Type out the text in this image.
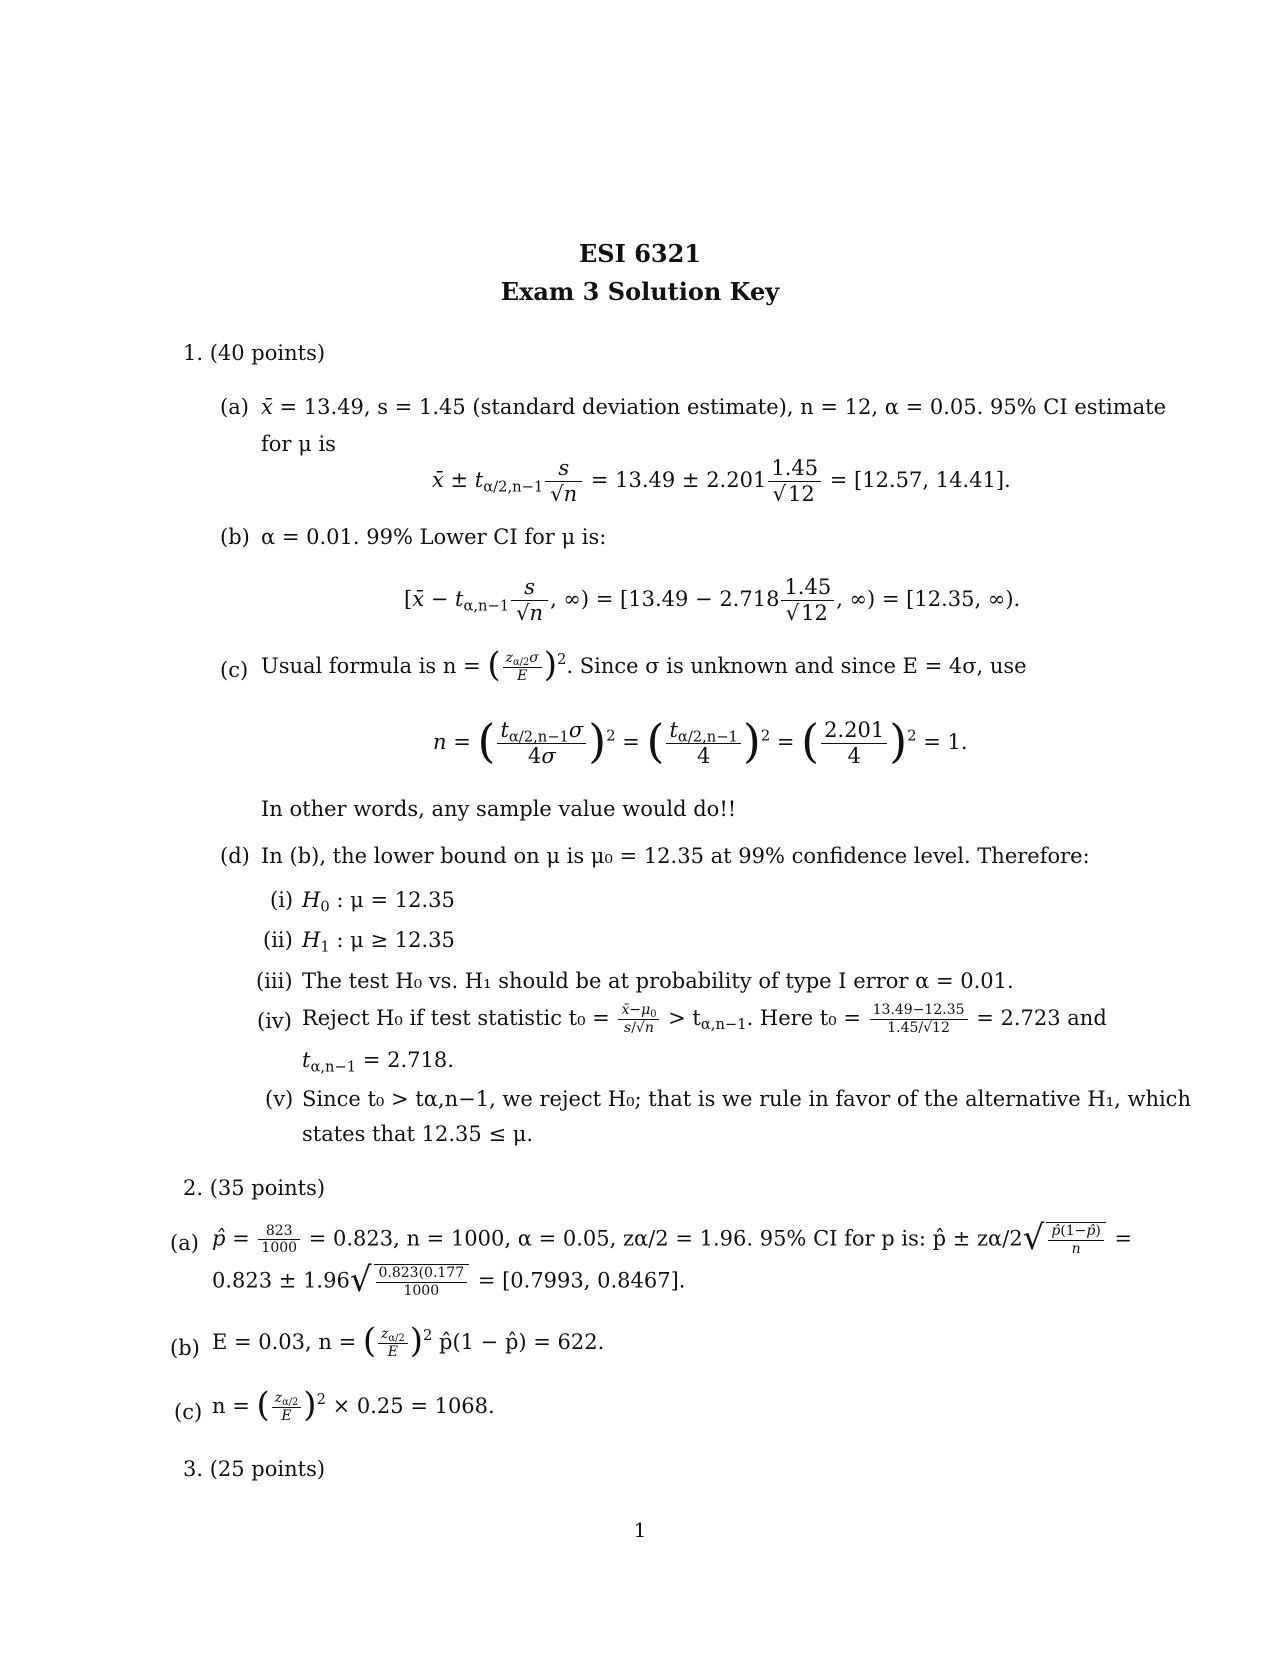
ESI 6321
Exam 3 Solution Key
1. (40 points)
(a) x̄ = 13.49, s = 1.45 (standard deviation estimate), n = 12, α = 0.05. 95% CI estimate
for μ is
x̄ ± $t_{\alpha/2,n-1} \frac{s}{√n} = 13.49 \pm 2.201 \frac{1.45}{√12} = [12.57$, 14.41].
(b) α = 0.01. 99% Lower CI for μ is:
[x̄ − $t_{\alpha,n-1} \frac{s}{√n}$ , ∞) = [$13.49 - 2.718 \frac{1.45}{√12}$ , ∞) = [12.35, ∞).
(c) Usual formula is n = ( $\frac{z_{\alpha/2}\sigma}{E} )^2$. Since σ is unknown and since E = 4σ, use
n = ( $\frac{t_{\alpha/2,n-1}\sigma}{4\sigma} )^2$ = ( $\frac{t_{\alpha/2,n-1}}{4} )^2$ = ( $\frac{2.201}{4} )^2 = 1$.
In other words, any sample value would do!!
(d) In (b), the lower bound on μ is μ₀ = 12.35 at 99% confidence level. Therefore:
(i) $H_0$ : μ = 12.35
(ii) $H_1$ : μ ≥ 12.35
(iii) The test H₀ vs. H₁ should be at probability of type I error α = 0.01.
(iv) Reject H₀ if test statistic $t_0 = \frac{x̄-\mu_0}{s/√n} > t_{\alpha,n-1}$. Here $t_0 = \frac{13.49-12.35}{1.45/√12} = 2.723$ and
$t_{\alpha,n-1} = 2.718$.
(v) Since t₀ > tα,n−1, we reject H₀; that is we rule in favor of the alternative H₁, which
states that 12.35 ≤ μ.
2. (35 points)
(a) p̂ = $\frac{823}{1000} = 0.823$, n = 1000, α = 0.05, zα/2 = 1.96. 95% CI for p is: p̂ ± $z\alpha/2√ \frac{p̂(1-p̂)}{n}$ =
$0.823 \pm 1.96√ \frac{0.823(0.177}{1000} = [0.7993$, 0.8467].
(b) E = 0.03, n = ( $\frac{z_{\alpha/2}}{E} )^2$ p̂(1 − p̂) = 622.
(c) n = ( $\frac{z_{\alpha/2}}{E} )^2 \times 0.25 = 1068$.
3. (25 points)
1
